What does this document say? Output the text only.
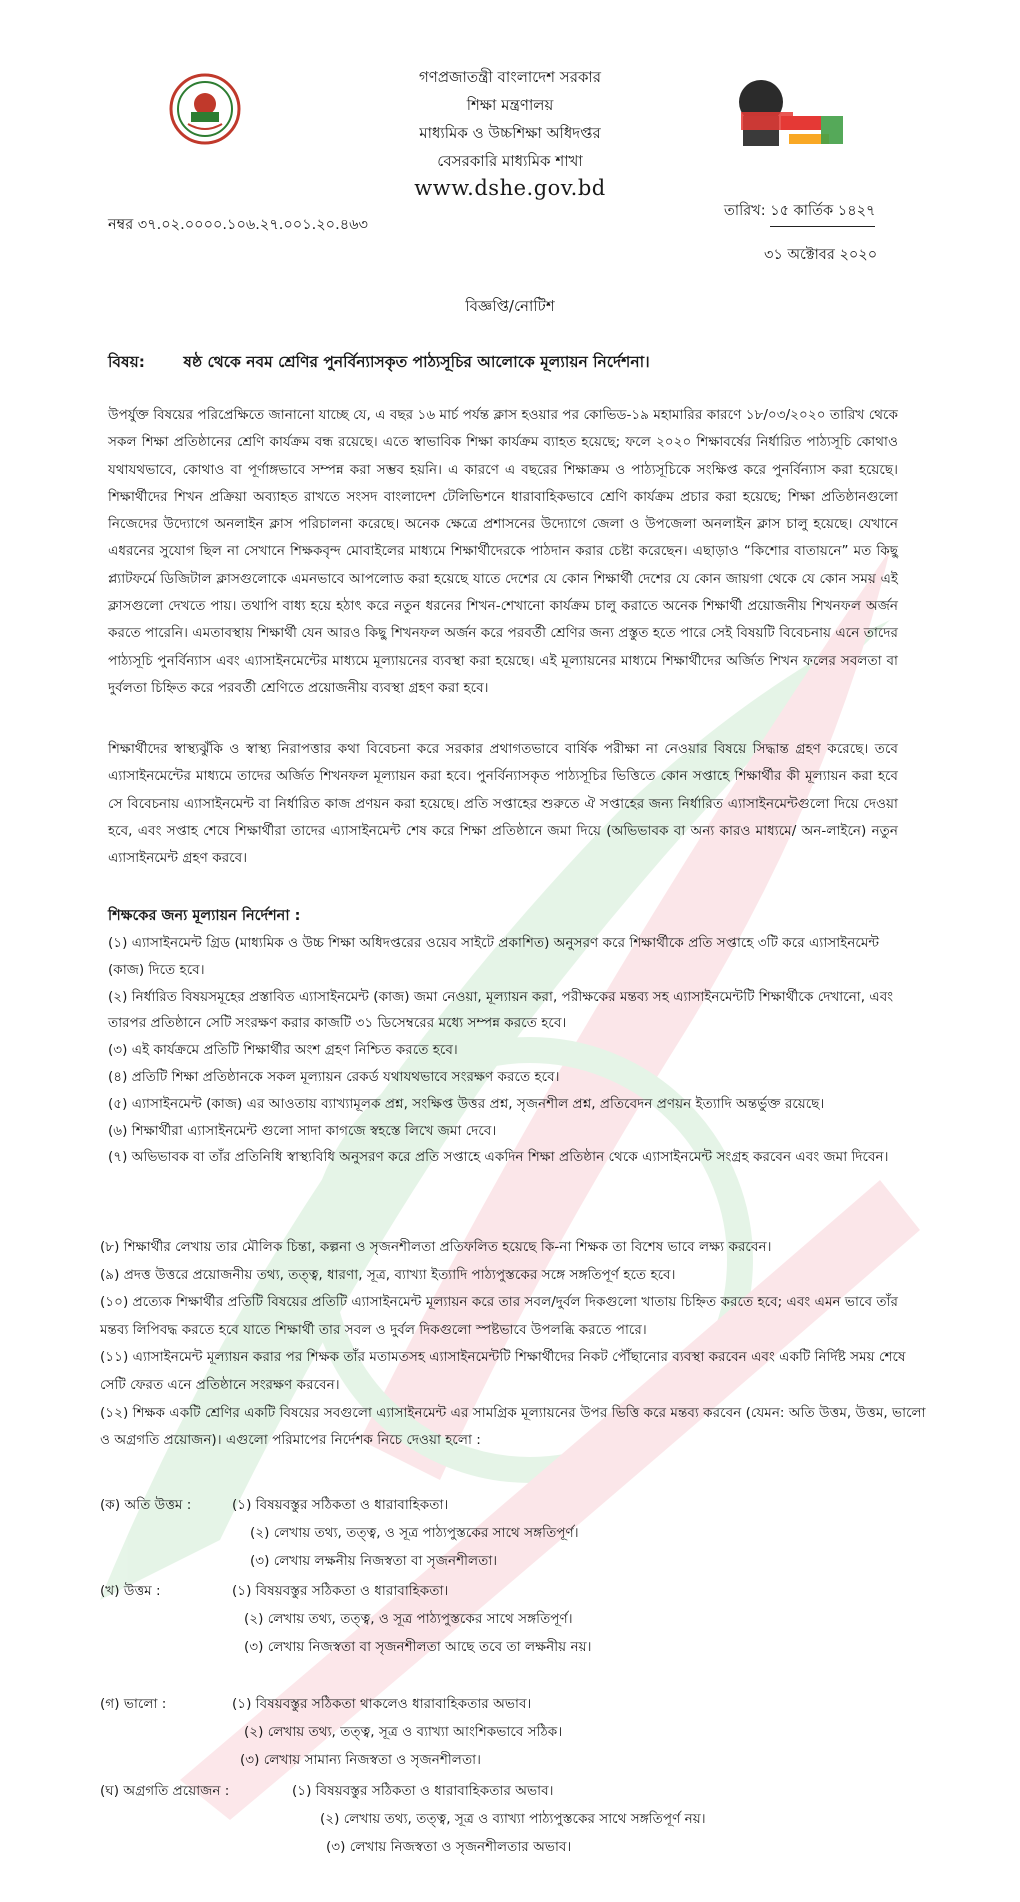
গণপ্রজাতন্ত্রী বাংলাদেশ সরকার
শিক্ষা মন্ত্রণালয়
মাধ্যমিক ও উচ্চশিক্ষা অধিদপ্তর
বেসরকারি মাধ্যমিক শাখা
www.dshe.gov.bd
নম্বর ৩৭.০২.০০০০.১০৬.২৭.০০১.২০.৪৬৩
তারিখ: ১৫ কার্তিক ১৪২৭
৩১ অক্টোবর ২০২০
বিজ্ঞপ্তি/নোটিশ
বিষয়: ষষ্ঠ থেকে নবম শ্রেণির পুনর্বিন্যাসকৃত পাঠ্যসূচির আলোকে মূল্যায়ন নির্দেশনা।

উপর্যুক্ত বিষয়ের পরিপ্রেক্ষিতে জানানো যাচ্ছে যে, এ বছর ১৬ মার্চ পর্যন্ত ক্লাস হওয়ার পর কোভিড-১৯ মহামারির কারণে ১৮/০৩/২০২০ তারিখ থেকে সকল শিক্ষা প্রতিষ্ঠানের শ্রেণি কার্যক্রম বন্ধ রয়েছে। এতে স্বাভাবিক শিক্ষা কার্যক্রম ব্যাহত হয়েছে; ফলে ২০২০ শিক্ষাবর্ষের নির্ধারিত পাঠ্যসূচি কোথাও যথাযথভাবে, কোথাও বা পূর্ণাঙ্গভাবে সম্পন্ন করা সম্ভব হয়নি। এ কারণে এ বছরের শিক্ষাক্রম ও পাঠ্যসূচিকে সংক্ষিপ্ত করে পুনর্বিন্যাস করা হয়েছে। শিক্ষার্থীদের শিখন প্রক্রিয়া অব্যাহত রাখতে সংসদ বাংলাদেশ টেলিভিশনে ধারাবাহিকভাবে শ্রেণি কার্যক্রম প্রচার করা হয়েছে; শিক্ষা প্রতিষ্ঠানগুলো নিজেদের উদ্যোগে অনলাইন ক্লাস পরিচালনা করেছে। অনেক ক্ষেত্রে প্রশাসনের উদ্যোগে জেলা ও উপজেলা অনলাইন ক্লাস চালু হয়েছে। যেখানে এধরনের সুযোগ ছিল না সেখানে শিক্ষকবৃন্দ মোবাইলের মাধ্যমে শিক্ষার্থীদেরকে পাঠদান করার চেষ্টা করেছেন। এছাড়াও “কিশোর বাতায়নে” মত কিছু প্ল্যাটফর্মে ডিজিটাল ক্লাসগুলোকে এমনভাবে আপলোড করা হয়েছে যাতে দেশের যে কোন শিক্ষার্থী দেশের যে কোন জায়গা থেকে যে কোন সময় এই ক্লাসগুলো দেখতে পায়। তথাপি বাধ্য হয়ে হঠাৎ করে নতুন ধরনের শিখন-শেখানো কার্যক্রম চালু করাতে অনেক শিক্ষার্থী প্রয়োজনীয় শিখনফল অর্জন করতে পারেনি। এমতাবস্থায় শিক্ষার্থী যেন আরও কিছু শিখনফল অর্জন করে পরবর্তী শ্রেণির জন্য প্রস্তুত হতে পারে সেই বিষয়টি বিবেচনায় এনে তাদের পাঠ্যসূচি পুনর্বিন্যাস এবং এ্যাসাইনমেন্টের মাধ্যমে মূল্যায়নের ব্যবস্থা করা হয়েছে। এই মূল্যায়নের মাধ্যমে শিক্ষার্থীদের অর্জিত শিখন ফলের সবলতা বা দুর্বলতা চিহ্নিত করে পরবর্তী শ্রেণিতে প্রয়োজনীয় ব্যবস্থা গ্রহণ করা হবে।

শিক্ষার্থীদের স্বাস্থ্যঝুঁকি ও স্বাস্থ্য নিরাপত্তার কথা বিবেচনা করে সরকার প্রথাগতভাবে বার্ষিক পরীক্ষা না নেওয়ার বিষয়ে সিদ্ধান্ত গ্রহণ করেছে। তবে এ্যাসাইনমেন্টের মাধ্যমে তাদের অর্জিত শিখনফল মূল্যায়ন করা হবে। পুনর্বিন্যাসকৃত পাঠ্যসূচির ভিত্তিতে কোন সপ্তাহে শিক্ষার্থীর কী মূল্যায়ন করা হবে সে বিবেচনায় এ্যাসাইনমেন্ট বা নির্ধারিত কাজ প্রণয়ন করা হয়েছে। প্রতি সপ্তাহের শুরুতে ঐ সপ্তাহের জন্য নির্ধারিত এ্যাসাইনমেন্টগুলো দিয়ে দেওয়া হবে, এবং সপ্তাহ শেষে শিক্ষার্থীরা তাদের এ্যাসাইনমেন্ট শেষ করে শিক্ষা প্রতিষ্ঠানে জমা দিয়ে (অভিভাবক বা অন্য কারও মাধ্যমে/ অন-লাইনে) নতুন এ্যাসাইনমেন্ট গ্রহণ করবে।

শিক্ষকের জন্য মূল্যায়ন নির্দেশনা :

(১) এ্যাসাইনমেন্ট গ্রিড (মাধ্যমিক ও উচ্চ শিক্ষা অধিদপ্তরের ওয়েব সাইটে প্রকাশিত) অনুসরণ করে শিক্ষার্থীকে প্রতি সপ্তাহে ৩টি করে এ্যাসাইনমেন্ট (কাজ) দিতে হবে।

(২) নির্ধারিত বিষয়সমূহের প্রস্তাবিত এ্যাসাইনমেন্ট (কাজ) জমা নেওয়া, মূল্যায়ন করা, পরীক্ষকের মন্তব্য সহ এ্যাসাইনমেন্টটি শিক্ষার্থীকে দেখানো, এবং তারপর প্রতিষ্ঠানে সেটি সংরক্ষণ করার কাজটি ৩১ ডিসেম্বরের মধ্যে সম্পন্ন করতে হবে।

(৩) এই কার্যক্রমে প্রতিটি শিক্ষার্থীর অংশ গ্রহণ নিশ্চিত করতে হবে।

(৪) প্রতিটি শিক্ষা প্রতিষ্ঠানকে সকল মূল্যায়ন রেকর্ড যথাযথভাবে সংরক্ষণ করতে হবে।

(৫) এ্যাসাইনমেন্ট (কাজ) এর আওতায় ব্যাখ্যামূলক প্রশ্ন, সংক্ষিপ্ত উত্তর প্রশ্ন, সৃজনশীল প্রশ্ন, প্রতিবেদন প্রণয়ন ইত্যাদি অন্তর্ভুক্ত রয়েছে।

(৬) শিক্ষার্থীরা এ্যাসাইনমেন্ট গুলো সাদা কাগজে স্বহস্তে লিখে জমা দেবে।

(৭) অভিভাবক বা তাঁর প্রতিনিধি স্বাস্থ্যবিধি অনুসরণ করে প্রতি সপ্তাহে একদিন শিক্ষা প্রতিষ্ঠান থেকে এ্যাসাইনমেন্ট সংগ্রহ করবেন এবং জমা দিবেন।

(৮) শিক্ষার্থীর লেখায় তার মৌলিক চিন্তা, কল্পনা ও সৃজনশীলতা প্রতিফলিত হয়েছে কি-না শিক্ষক তা বিশেষ ভাবে লক্ষ্য করবেন।

(৯) প্রদত্ত উত্তরে প্রয়োজনীয় তথ্য, তত্ত্ব, ধারণা, সূত্র, ব্যাখ্যা ইত্যাদি পাঠ্যপুস্তকের সঙ্গে সঙ্গতিপূর্ণ হতে হবে।

(১০) প্রত্যেক শিক্ষার্থীর প্রতিটি বিষয়ের প্রতিটি এ্যাসাইনমেন্ট মূল্যায়ন করে তার সবল/দুর্বল দিকগুলো খাতায় চিহ্নিত করতে হবে; এবং এমন ভাবে তাঁর মন্তব্য লিপিবদ্ধ করতে হবে যাতে শিক্ষার্থী তার সবল ও দুর্বল দিকগুলো স্পষ্টভাবে উপলব্ধি করতে পারে।

(১১) এ্যাসাইনমেন্ট মূল্যায়ন করার পর শিক্ষক তাঁর মতামতসহ এ্যাসাইনমেন্টটি শিক্ষার্থীদের নিকট পৌঁছানোর ব্যবস্থা করবেন এবং একটি নির্দিষ্ট সময় শেষে সেটি ফেরত এনে প্রতিষ্ঠানে সংরক্ষণ করবেন।

(১২) শিক্ষক একটি শ্রেণির একটি বিষয়ের সবগুলো এ্যাসাইনমেন্ট এর সামগ্রিক মূল্যায়নের উপর ভিত্তি করে মন্তব্য করবেন (যেমন: অতি উত্তম, উত্তম, ভালো ও অগ্রগতি প্রয়োজন)। এগুলো পরিমাপের নির্দেশক নিচে দেওয়া হলো :

(ক) অতি উত্তম :	(১) বিষয়বস্তুর সঠিকতা ও ধারাবাহিকতা।
(২) লেখায় তথ্য, তত্ত্ব, ও সূত্র পাঠ্যপুস্তকের সাথে সঙ্গতিপূর্ণ।
(৩) লেখায় লক্ষনীয় নিজস্বতা বা সৃজনশীলতা।
(খ) উত্তম :	(১) বিষয়বস্তুর সঠিকতা ও ধারাবাহিকতা।
(২) লেখায় তথ্য, তত্ত্ব, ও সূত্র পাঠ্যপুস্তকের সাথে সঙ্গতিপূর্ণ।
(৩) লেখায় নিজস্বতা বা সৃজনশীলতা আছে তবে তা লক্ষনীয় নয়।
(গ) ভালো :	(১) বিষয়বস্তুর সঠিকতা থাকলেও ধারাবাহিকতার অভাব।
(২) লেখায় তথ্য, তত্ত্ব, সূত্র ও ব্যাখ্যা আংশিকভাবে সঠিক।
(৩) লেখায় সামান্য নিজস্বতা ও সৃজনশীলতা।
(ঘ) অগ্রগতি প্রয়োজন :	(১) বিষয়বস্তুর সঠিকতা ও ধারাবাহিকতার অভাব।
(২) লেখায় তথ্য, তত্ত্ব, সূত্র ও ব্যাখ্যা পাঠ্যপুস্তকের সাথে সঙ্গতিপূর্ণ নয়।
(৩) লেখায় নিজস্বতা ও সৃজনশীলতার অভাব।
